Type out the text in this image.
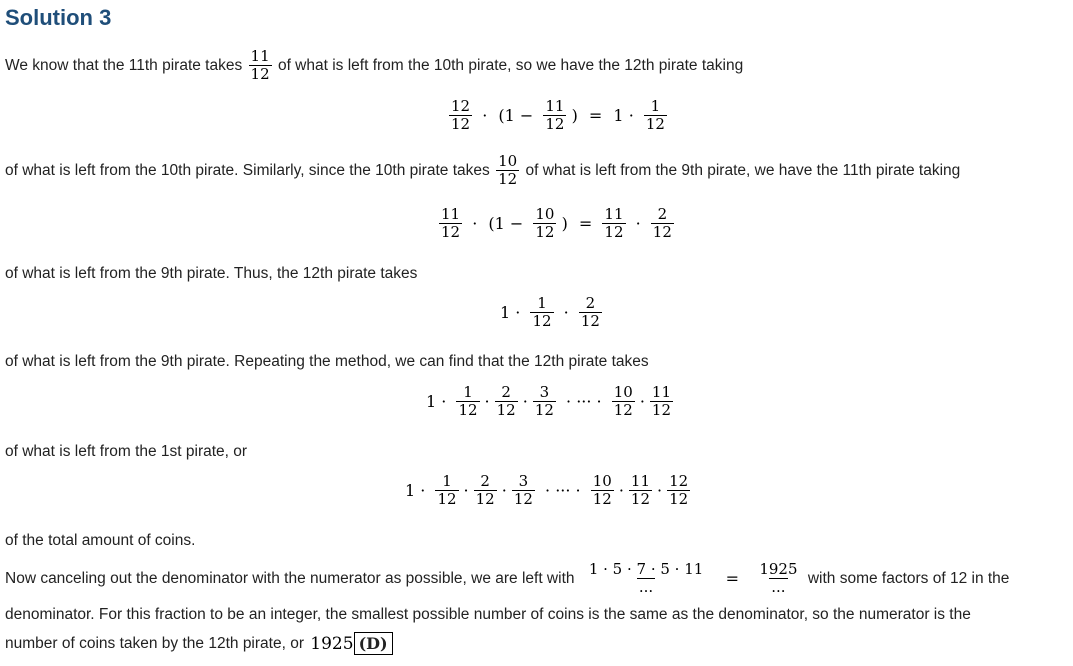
Solution 3
We know that the 11th pirate takes $\frac{11}{12}$ of what is left from the 10th pirate, so we have the 12th pirate taking
$\frac{12}{12} \cdot (1 - \frac{11}{12}$ ) = $1 \cdot \frac{1}{12}$
of what is left from the 10th pirate. Similarly, since the 10th pirate takes $\frac{10}{12}$ of what is left from the 9th pirate, we have the 11th pirate taking
$\frac{11}{12} \cdot (1 - \frac{10}{12}$ ) = $\frac{11}{12} \cdot \frac{2}{12}$
of what is left from the 9th pirate. Thus, the 12th pirate takes
$1 \cdot \frac{1}{12} \cdot \frac{2}{12}$
of what is left from the 9th pirate. Repeating the method, we can find that the 12th pirate takes
$1 \cdot \frac{1}{12} \cdot \frac{2}{12} \cdot \frac{3}{12}$ · ··· · $\frac{10}{12} \cdot \frac{11}{12}$
of what is left from the 1st pirate, or
$1 \cdot \frac{1}{12} \cdot \frac{2}{12} \cdot \frac{3}{12}$ · ··· · $\frac{10}{12} \cdot \frac{11}{12} \cdot \frac{12}{12}$
of the total amount of coins.
Now canceling out the denominator with the numerator as possible, we are left with $\frac{1 \cdot 5 \cdot 7 \cdot 5 \cdot 11}{...} = \frac{1925}{...}$ with some factors of 12 in the
denominator. For this fraction to be an integer, the smallest possible number of coins is the same as the denominator, so the numerator is the
number of coins taken by the 12th pirate, or 1925 (D)
